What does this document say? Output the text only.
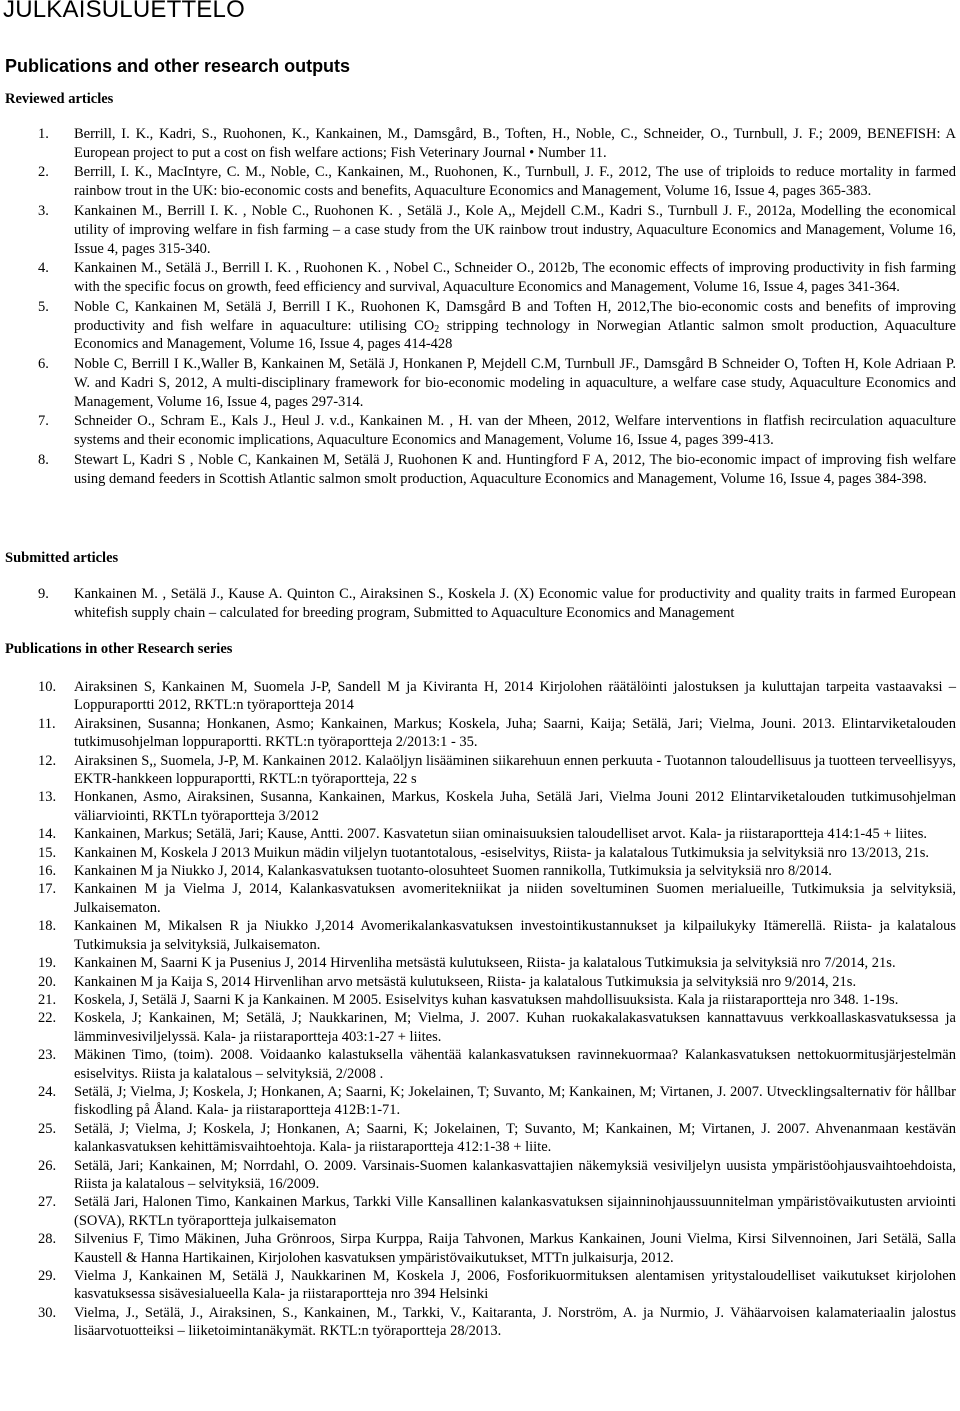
JULKAISULUETTELO
Publications and other research outputs
Reviewed articles
1. Berrill, I. K., Kadri, S., Ruohonen, K., Kankainen, M., Damsgård, B., Toften, H., Noble, C., Schneider, O., Turnbull, J. F.; 2009, BENEFISH: A European project to put a cost on fish welfare actions; Fish Veterinary Journal • Number 11.
2. Berrill, I. K., MacIntyre, C. M., Noble, C., Kankainen, M., Ruohonen, K., Turnbull, J. F., 2012, The use of triploids to reduce mortality in farmed rainbow trout in the UK: bio-economic costs and benefits, Aquaculture Economics and Management, Volume 16, Issue 4, pages 365-383.
3. Kankainen M., Berrill I. K. , Noble C., Ruohonen K. , Setälä J., Kole A,, Mejdell C.M., Kadri S., Turnbull J. F., 2012a, Modelling the economical utility of improving welfare in fish farming – a case study from the UK rainbow trout industry, Aquaculture Economics and Management, Volume 16, Issue 4, pages 315-340.
4. Kankainen M., Setälä J., Berrill I. K. , Ruohonen K. , Nobel C., Schneider O., 2012b, The economic effects of improving productivity in fish farming with the specific focus on growth, feed efficiency and survival, Aquaculture Economics and Management, Volume 16, Issue 4, pages 341-364.
5. Noble C, Kankainen M, Setälä J, Berrill I K., Ruohonen K, Damsgård B and Toften H, 2012,The bio-economic costs and benefits of improving productivity and fish welfare in aquaculture: utilising $CO_2$ stripping technology in Norwegian Atlantic salmon smolt production, Aquaculture Economics and Management, Volume 16, Issue 4, pages 414-428
6. Noble C, Berrill I K.,Waller B, Kankainen M, Setälä J, Honkanen P, Mejdell C.M, Turnbull JF., Damsgård B Schneider O, Toften H, Kole Adriaan P. W. and Kadri S, 2012, A multi-disciplinary framework for bio-economic modeling in aquaculture, a welfare case study, Aquaculture Economics and Management, Volume 16, Issue 4, pages 297-314.
7. Schneider O., Schram E., Kals J., Heul J. v.d., Kankainen M. , H. van der Mheen, 2012, Welfare interventions in flatfish recirculation aquaculture systems and their economic implications, Aquaculture Economics and Management, Volume 16, Issue 4, pages 399-413.
8. Stewart L, Kadri S , Noble C, Kankainen M, Setälä J, Ruohonen K and. Huntingford F A, 2012, The bio-economic impact of improving fish welfare using demand feeders in Scottish Atlantic salmon smolt production, Aquaculture Economics and Management, Volume 16, Issue 4, pages 384-398.
Submitted articles
9. Kankainen M. , Setälä J., Kause A. Quinton C., Airaksinen S., Koskela J. (X) Economic value for productivity and quality traits in farmed European whitefish supply chain – calculated for breeding program, Submitted to Aquaculture Economics and Management
Publications in other Research series
10. Airaksinen S, Kankainen M, Suomela J-P, Sandell M ja Kiviranta H, 2014 Kirjolohen räätälöinti jalostuksen ja kuluttajan tarpeita vastaavaksi – Loppuraportti 2012, RKTL:n työraportteja 2014
11. Airaksinen, Susanna; Honkanen, Asmo; Kankainen, Markus; Koskela, Juha; Saarni, Kaija; Setälä, Jari; Vielma, Jouni. 2013. Elintarviketalouden tutkimusohjelman loppuraportti. RKTL:n työraportteja 2/2013:1 - 35.
12. Airaksinen S,, Suomela, J-P, M. Kankainen 2012. Kalaöljyn lisääminen siikarehuun ennen perkuuta - Tuotannon taloudellisuus ja tuotteen terveellisyys, EKTR-hankkeen loppuraportti, RKTL:n työraportteja, 22 s
13. Honkanen, Asmo, Airaksinen, Susanna, Kankainen, Markus, Koskela Juha, Setälä Jari, Vielma Jouni 2012 Elintarviketalouden tutkimusohjelman väliarviointi, RKTLn työraportteja 3/2012
14. Kankainen, Markus; Setälä, Jari; Kause, Antti. 2007. Kasvatetun siian ominaisuuksien taloudelliset arvot. Kala- ja riistaraportteja 414:1-45 + liites.
15. Kankainen M, Koskela J 2013 Muikun mädin viljelyn tuotantotalous, -esiselvitys, Riista- ja kalatalous Tutkimuksia ja selvityksiä nro 13/2013, 21s.
16. Kankainen M ja Niukko J, 2014, Kalankasvatuksen tuotanto-olosuhteet Suomen rannikolla, Tutkimuksia ja selvityksiä nro 8/2014.
17. Kankainen M ja Vielma J, 2014, Kalankasvatuksen avomeritekniikat ja niiden soveltuminen Suomen merialueille, Tutkimuksia ja selvityksiä, Julkaisematon.
18. Kankainen M, Mikalsen R ja Niukko J,2014 Avomerikalankasvatuksen investointikustannukset ja kilpailukyky Itämerellä. Riista- ja kalatalous Tutkimuksia ja selvityksiä, Julkaisematon.
19. Kankainen M, Saarni K ja Pusenius J, 2014 Hirvenliha metsästä kulutukseen, Riista- ja kalatalous Tutkimuksia ja selvityksiä nro 7/2014, 21s.
20. Kankainen M ja Kaija S, 2014 Hirvenlihan arvo metsästä kulutukseen, Riista- ja kalatalous Tutkimuksia ja selvityksiä nro 9/2014, 21s.
21. Koskela, J, Setälä J, Saarni K ja Kankainen. M 2005. Esiselvitys kuhan kasvatuksen mahdollisuuksista. Kala ja riistaraportteja nro 348. 1-19s.
22. Koskela, J; Kankainen, M; Setälä, J; Naukkarinen, M; Vielma, J. 2007. Kuhan ruokakalakasvatuksen kannattavuus verkkoallaskasvatuksessa ja lämminvesiviljelyssä. Kala- ja riistaraportteja 403:1-27 + liites.
23. Mäkinen Timo, (toim). 2008. Voidaanko kalastuksella vähentää kalankasvatuksen ravinnekuormaa? Kalankasvatuksen nettokuormitusjärjestelmän esiselvitys. Riista ja kalatalous – selvityksiä, 2/2008 .
24. Setälä, J; Vielma, J; Koskela, J; Honkanen, A; Saarni, K; Jokelainen, T; Suvanto, M; Kankainen, M; Virtanen, J. 2007. Utvecklingsalternativ för hållbar fiskodling på Åland. Kala- ja riistaraportteja 412B:1-71.
25. Setälä, J; Vielma, J; Koskela, J; Honkanen, A; Saarni, K; Jokelainen, T; Suvanto, M; Kankainen, M; Virtanen, J. 2007. Ahvenanmaan kestävän kalankasvatuksen kehittämisvaihtoehtoja. Kala- ja riistaraportteja 412:1-38 + liite.
26. Setälä, Jari; Kankainen, M; Norrdahl, O. 2009. Varsinais-Suomen kalankasvattajien näkemyksiä vesiviljelyn uusista ympäristöohjausvaihtoehdoista, Riista ja kalatalous – selvityksiä, 16/2009.
27. Setälä Jari, Halonen Timo, Kankainen Markus, Tarkki Ville Kansallinen kalankasvatuksen sijainninohjaussuunnitelman ympäristövaikutusten arviointi (SOVA), RKTLn työraportteja julkaisematon
28. Silvenius F, Timo Mäkinen, Juha Grönroos, Sirpa Kurppa, Raija Tahvonen, Markus Kankainen, Jouni Vielma, Kirsi Silvennoinen, Jari Setälä, Salla Kaustell & Hanna Hartikainen, Kirjolohen kasvatuksen ympäristövaikutukset, MTTn julkaisurja, 2012.
29. Vielma J, Kankainen M, Setälä J, Naukkarinen M, Koskela J, 2006, Fosforikuormituksen alentamisen yritystaloudelliset vaikutukset kirjolohen kasvatuksessa sisävesialueella Kala- ja riistaraportteja nro 394 Helsinki
30. Vielma, J., Setälä, J., Airaksinen, S., Kankainen, M., Tarkki, V., Kaitaranta, J. Norström, A. ja Nurmio, J. Vähäarvoisen kalamateriaalin jalostus lisäarvotuotteiksi – liiketoimintanäkymät. RKTL:n työraportteja 28/2013.
